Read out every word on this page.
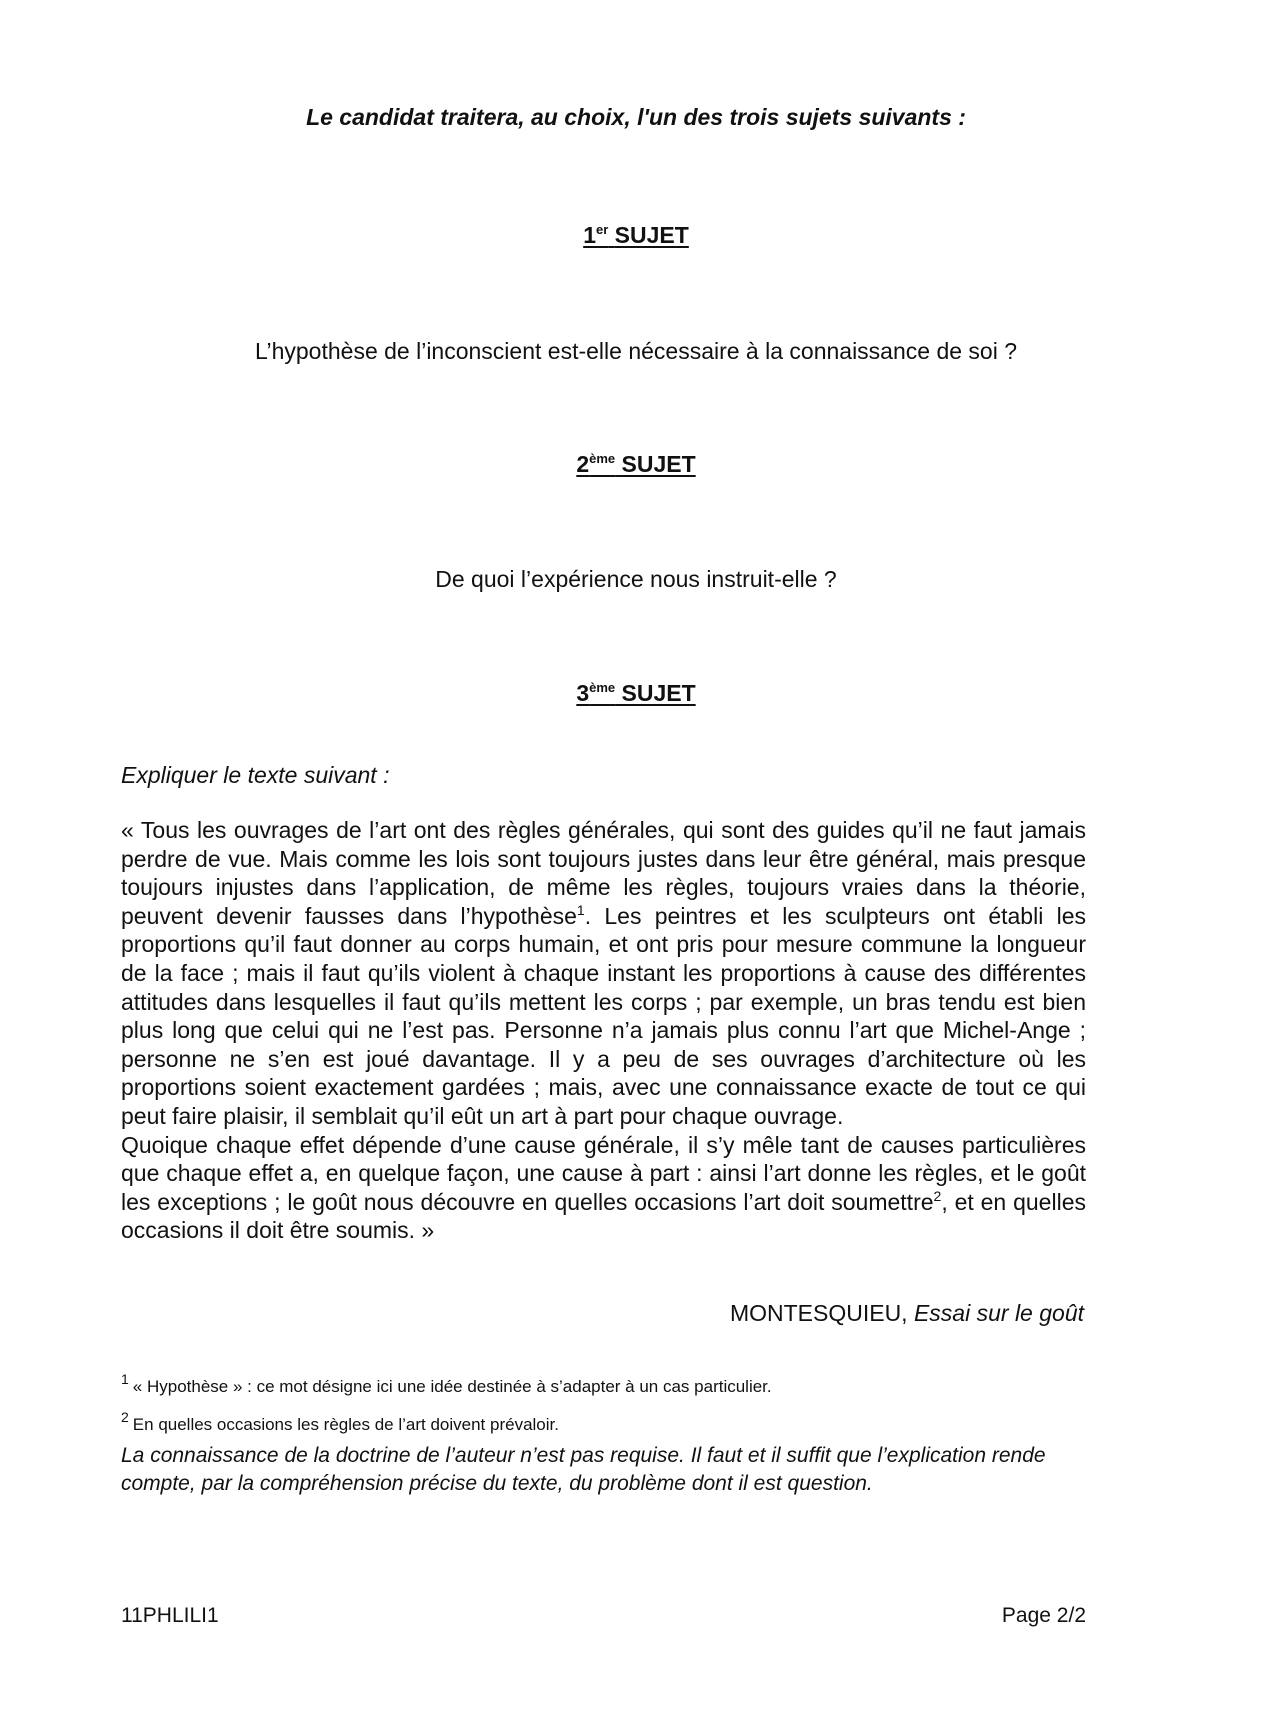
Le candidat traitera, au choix, l'un des trois sujets suivants :
1er SUJET
L’hypothèse de l’inconscient est-elle nécessaire à la connaissance de soi ?
2ème SUJET
De quoi l’expérience nous instruit-elle ?
3ème SUJET
Expliquer le texte suivant :

« Tous les ouvrages de l’art ont des règles générales, qui sont des guides qu’il ne faut jamais perdre de vue. Mais comme les lois sont toujours justes dans leur être général, mais presque toujours injustes dans l’application, de même les règles, toujours vraies dans la théorie, peuvent devenir fausses dans l’hypothèse$^1$. Les peintres et les sculpteurs ont établi les proportions qu’il faut donner au corps humain, et ont pris pour mesure commune la longueur de la face ; mais il faut qu’ils violent à chaque instant les proportions à cause des différentes attitudes dans lesquelles il faut qu’ils mettent les corps ; par exemple, un bras tendu est bien plus long que celui qui ne l’est pas. Personne n’a jamais plus connu l’art que Michel-Ange ; personne ne s’en est joué davantage. Il y a peu de ses ouvrages d’architecture où les proportions soient exactement gardées ; mais, avec une connaissance exacte de tout ce qui peut faire plaisir, il semblait qu’il eût un art à part pour chaque ouvrage.

Quoique chaque effet dépende d’une cause générale, il s’y mêle tant de causes particulières que chaque effet a, en quelque façon, une cause à part : ainsi l’art donne les règles, et le goût les exceptions ; le goût nous découvre en quelles occasions l’art doit soumettre$^2$, et en quelles occasions il doit être soumis. »

MONTESQUIEU, Essai sur le goût
$^1$ « Hypothèse » : ce mot désigne ici une idée destinée à s’adapter à un cas particulier.
$^2$ En quelles occasions les règles de l’art doivent prévaloir.
La connaissance de la doctrine de l’auteur n’est pas requise. Il faut et il suffit que l’explication rende compte, par la compréhension précise du texte, du problème dont il est question.
11PHLILI1	Page 2/2
